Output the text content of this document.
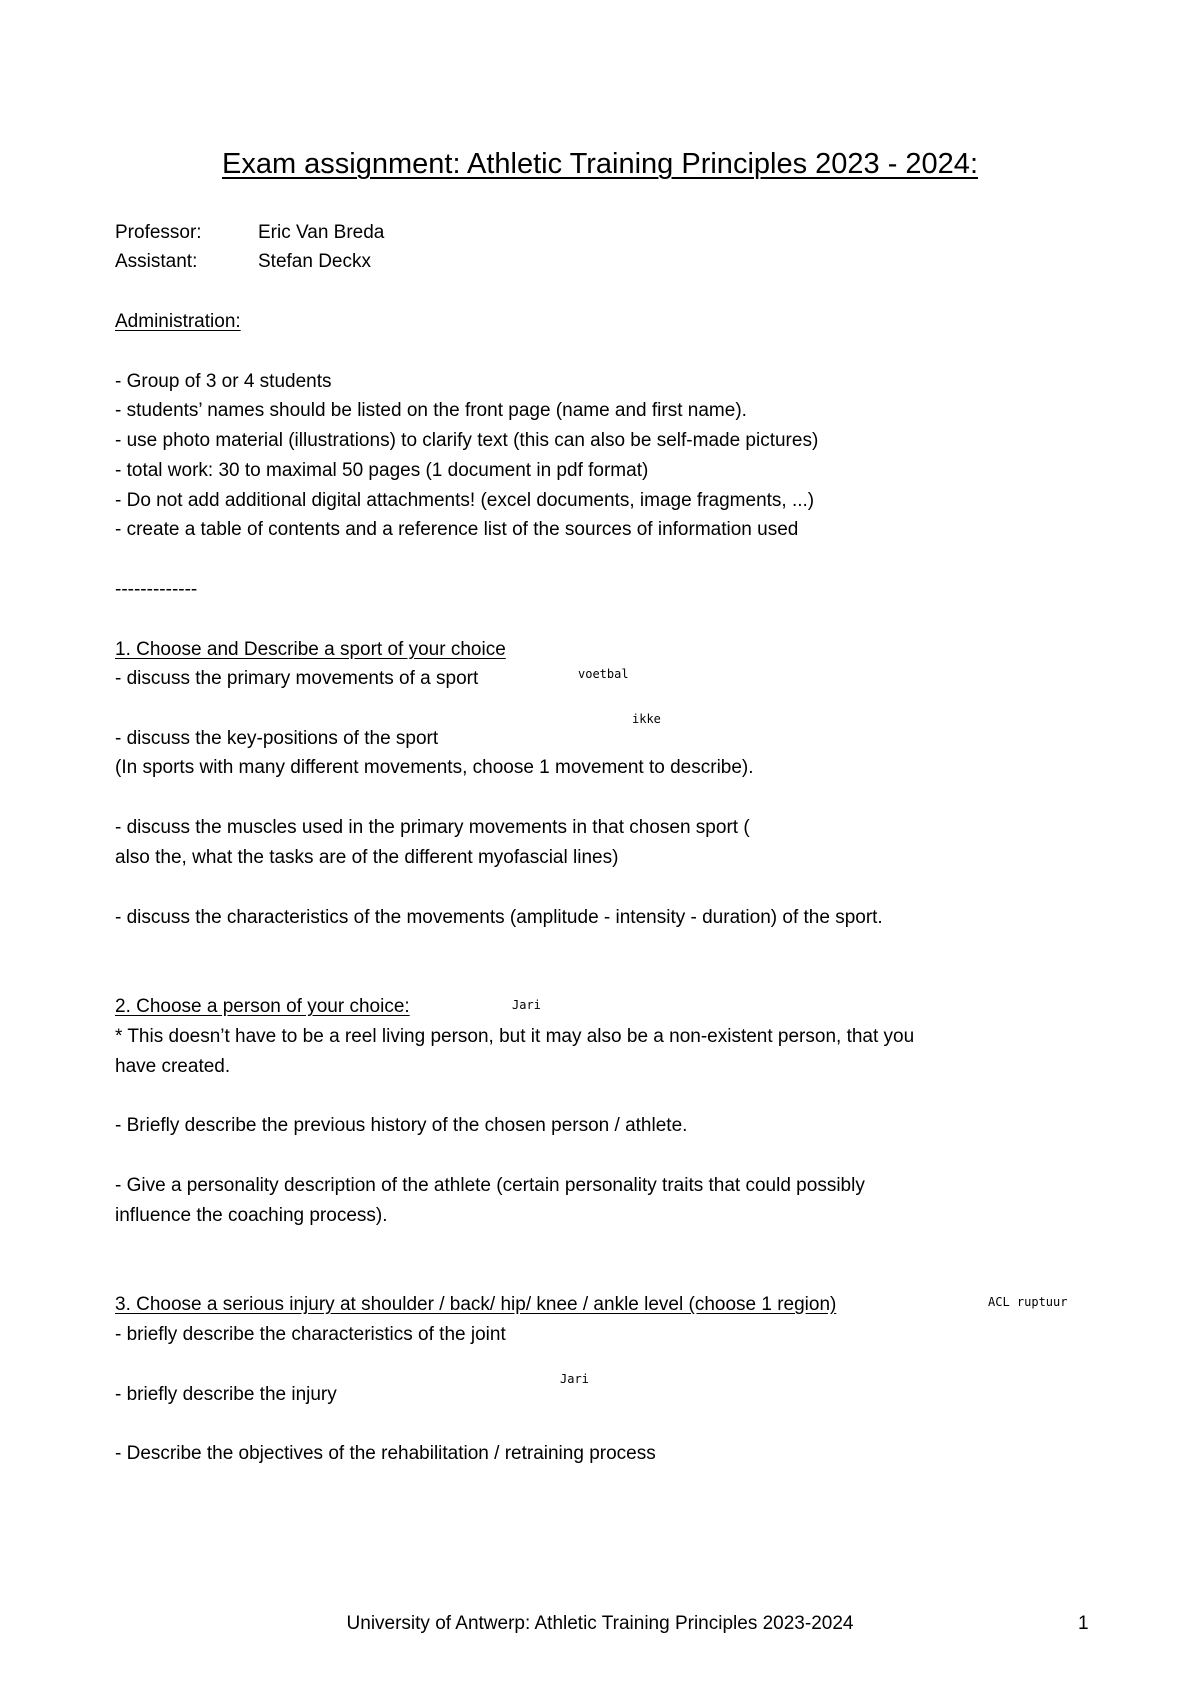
Exam assignment: Athletic Training Principles 2023 - 2024:
Professor:	Eric Van Breda
Assistant:	Stefan Deckx
Administration:
- Group of 3 or 4 students
- students’ names should be listed on the front page (name and first name).
- use photo material (illustrations) to clarify text (this can also be self-made pictures)
- total work: 30 to maximal 50 pages (1 document in pdf format)
- Do not add additional digital attachments! (excel documents, image fragments, ...)
- create a table of contents and a reference list of the sources of information used
-------------
1. Choose and Describe a sport of your choice
- discuss the primary movements of a sport	voetbal
ikke
- discuss the key-positions of the sport
(In sports with many different movements, choose 1 movement to describe).
- discuss the muscles used in the primary movements in that chosen sport (
also the, what the tasks are of the different myofascial lines)
- discuss the characteristics of the movements (amplitude - intensity - duration) of the sport.
2. Choose a person of your choice:	Jari
* This doesn’t have to be a reel living person, but it may also be a non-existent person, that you
have created.
- Briefly describe the previous history of the chosen person / athlete.
- Give a personality description of the athlete (certain personality traits that could possibly
influence the coaching process).
3. Choose a serious injury at shoulder / back/ hip/ knee / ankle level (choose 1 region)	ACL ruptuur
- briefly describe the characteristics of the joint
Jari
- briefly describe the injury
- Describe the objectives of the rehabilitation / retraining process
University of Antwerp: Athletic Training Principles 2023-2024	1
